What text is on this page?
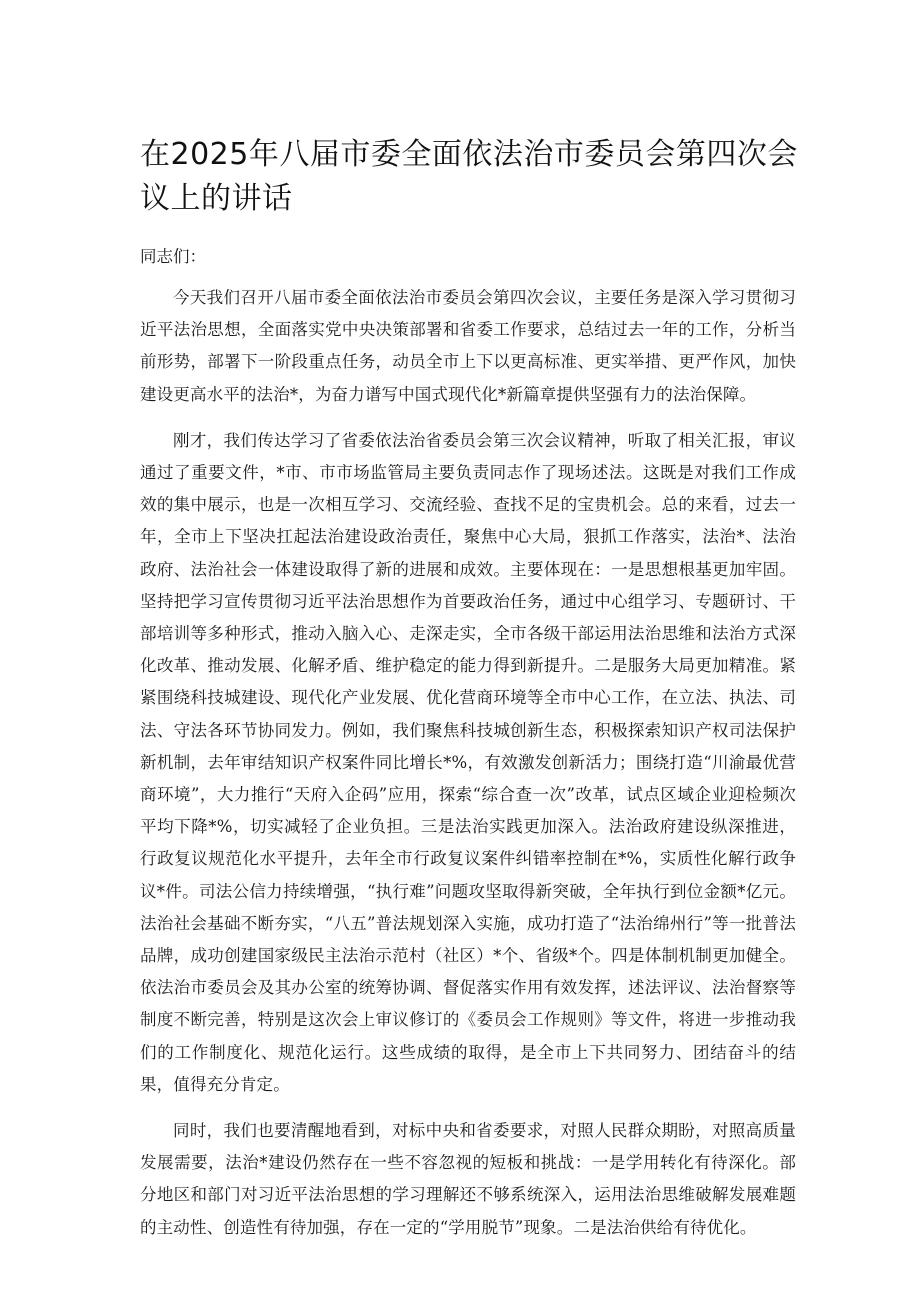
在2025年八届市委全面依法治市委员会第四次会议上的讲话

同志们：

今天我们召开八届市委全面依法治市委员会第四次会议，主要任务是深入学习贯彻习近平法治思想，全面落实党中央决策部署和省委工作要求，总结过去一年的工作，分析当前形势，部署下一阶段重点任务，动员全市上下以更高标准、更实举措、更严作风，加快建设更高水平的法治*，为奋力谱写中国式现代化*新篇章提供坚强有力的法治保障。

刚才，我们传达学习了省委依法治省委员会第三次会议精神，听取了相关汇报，审议通过了重要文件，*市、市市场监管局主要负责同志作了现场述法。这既是对我们工作成效的集中展示，也是一次相互学习、交流经验、查找不足的宝贵机会。总的来看，过去一年，全市上下坚决扛起法治建设政治责任，聚焦中心大局，狠抓工作落实，法治*、法治政府、法治社会一体建设取得了新的进展和成效。主要体现在：一是思想根基更加牢固。坚持把学习宣传贯彻习近平法治思想作为首要政治任务，通过中心组学习、专题研讨、干部培训等多种形式，推动入脑入心、走深走实，全市各级干部运用法治思维和法治方式深化改革、推动发展、化解矛盾、维护稳定的能力得到新提升。二是服务大局更加精准。紧紧围绕科技城建设、现代化产业发展、优化营商环境等全市中心工作，在立法、执法、司法、守法各环节协同发力。例如，我们聚焦科技城创新生态，积极探索知识产权司法保护新机制，去年审结知识产权案件同比增长*%，有效激发创新活力；围绕打造“川渝最优营商环境”，大力推行“天府入企码”应用，探索“综合查一次”改革，试点区域企业迎检频次平均下降*%，切实减轻了企业负担。三是法治实践更加深入。法治政府建设纵深推进，行政复议规范化水平提升，去年全市行政复议案件纠错率控制在*%，实质性化解行政争议*件。司法公信力持续增强，“执行难”问题攻坚取得新突破，全年执行到位金额*亿元。法治社会基础不断夯实，“八五”普法规划深入实施，成功打造了“法治绵州行”等一批普法品牌，成功创建国家级民主法治示范村（社区）*个、省级*个。四是体制机制更加健全。依法治市委员会及其办公室的统筹协调、督促落实作用有效发挥，述法评议、法治督察等制度不断完善，特别是这次会上审议修订的《委员会工作规则》等文件，将进一步推动我们的工作制度化、规范化运行。这些成绩的取得，是全市上下共同努力、团结奋斗的结果，值得充分肯定。

同时，我们也要清醒地看到，对标中央和省委要求，对照人民群众期盼，对照高质量发展需要，法治*建设仍然存在一些不容忽视的短板和挑战：一是学用转化有待深化。部分地区和部门对习近平法治思想的学习理解还不够系统深入，运用法治思维破解发展难题的主动性、创造性有待加强，存在一定的“学用脱节”现象。二是法治供给有待优化。
